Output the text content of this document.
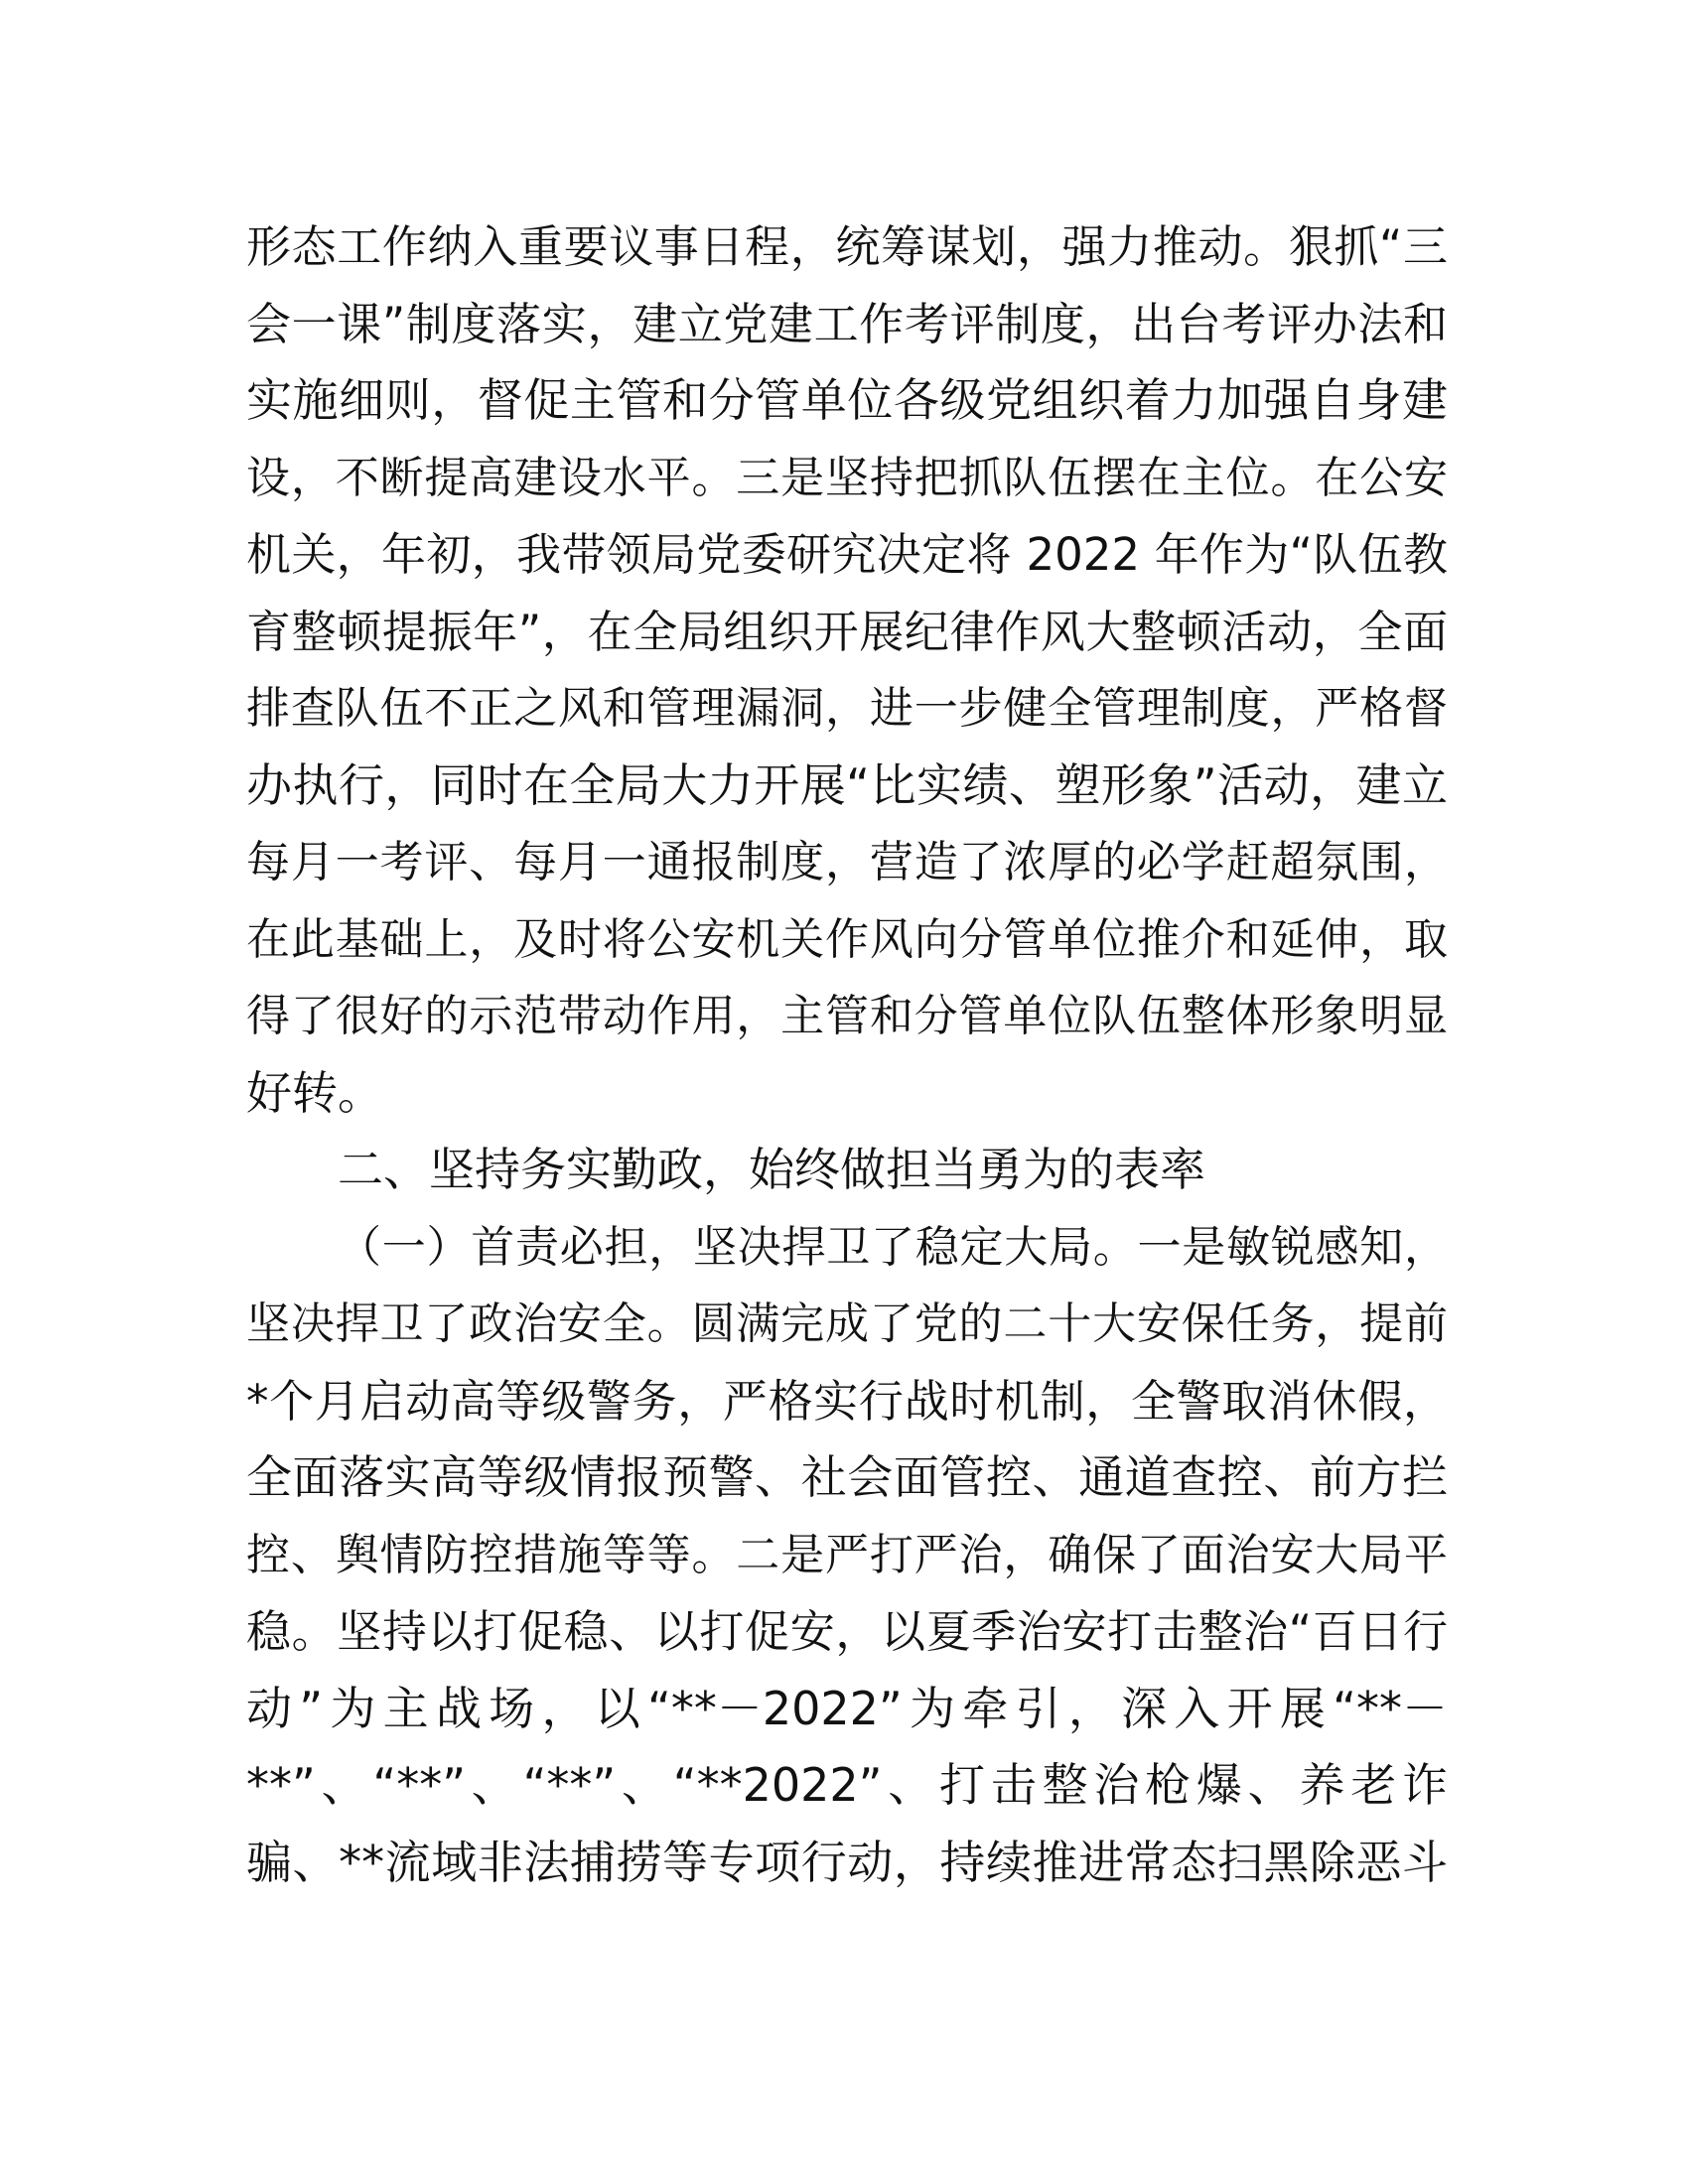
形态工作纳入重要议事日程，统筹谋划，强力推动。狠抓“三
会一课”制度落实，建立党建工作考评制度，出台考评办法和
实施细则，督促主管和分管单位各级党组织着力加强自身建
设，不断提高建设水平。三是坚持把抓队伍摆在主位。在公安
机关，年初，我带领局党委研究决定将 2022 年作为“队伍教
育整顿提振年”，在全局组织开展纪律作风大整顿活动，全面
排查队伍不正之风和管理漏洞，进一步健全管理制度，严格督
办执行，同时在全局大力开展“比实绩、塑形象”活动，建立
每月一考评、每月一通报制度，营造了浓厚的必学赶超氛围，
在此基础上，及时将公安机关作风向分管单位推介和延伸，取
得了很好的示范带动作用，主管和分管单位队伍整体形象明显
好转。
二、坚持务实勤政，始终做担当勇为的表率
（一）首责必担，坚决捍卫了稳定大局。一是敏锐感知，
坚决捍卫了政治安全。圆满完成了党的二十大安保任务，提前
*个月启动高等级警务，严格实行战时机制，全警取消休假，
全面落实高等级情报预警、社会面管控、通道查控、前方拦
控、舆情防控措施等等。二是严打严治，确保了面治安大局平
稳。坚持以打促稳、以打促安，以夏季治安打击整治“百日行
动”为主战场，以“**－2022”为牵引，深入开展“**－
**”、“**”、“**”、“**2022”、打击整治枪爆、养老诈
骗、**流域非法捕捞等专项行动，持续推进常态扫黑除恶斗
